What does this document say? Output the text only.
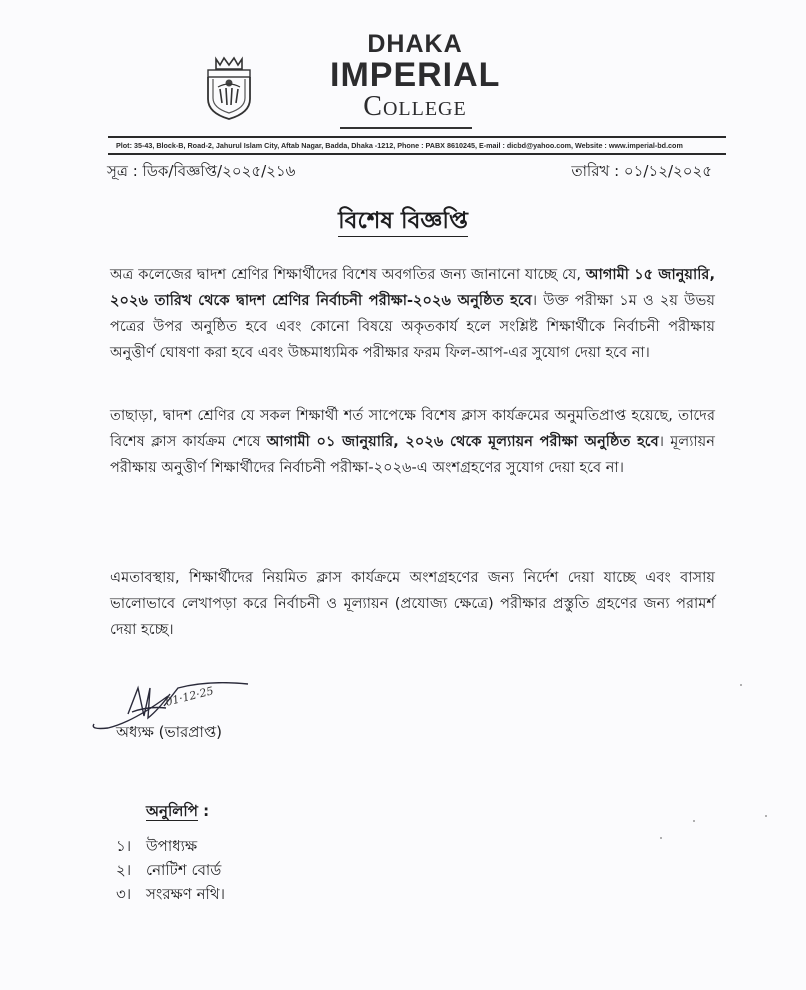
DHAKA
IMPERIAL
College
Plot: 35-43, Block-B, Road-2, Jahurul Islam City, Aftab Nagar, Badda, Dhaka -1212, Phone : PABX 8610245, E-mail : dicbd@yahoo.com, Website : www.imperial-bd.com
সূত্র : ডিক/বিজ্ঞপ্তি/২০২৫/২১৬	তারিখ : ০১/১২/২০২৫
বিশেষ বিজ্ঞপ্তি
অত্র কলেজের দ্বাদশ শ্রেণির শিক্ষার্থীদের বিশেষ অবগতির জন্য জানানো যাচ্ছে যে, আগামী ১৫ জানুয়ারি, ২০২৬ তারিখ থেকে দ্বাদশ শ্রেণির নির্বাচনী পরীক্ষা-২০২৬ অনুষ্ঠিত হবে। উক্ত পরীক্ষা ১ম ও ২য় উভয় পত্রের উপর অনুষ্ঠিত হবে এবং কোনো বিষয়ে অকৃতকার্য হলে সংশ্লিষ্ট শিক্ষার্থীকে নির্বাচনী পরীক্ষায় অনুত্তীর্ণ ঘোষণা করা হবে এবং উচ্চমাধ্যমিক পরীক্ষার ফরম ফিল-আপ-এর সুযোগ দেয়া হবে না।
তাছাড়া, দ্বাদশ শ্রেণির যে সকল শিক্ষার্থী শর্ত সাপেক্ষে বিশেষ ক্লাস কার্যক্রমের অনুমতিপ্রাপ্ত হয়েছে, তাদের বিশেষ ক্লাস কার্যক্রম শেষে আগামী ০১ জানুয়ারি, ২০২৬ থেকে মূল্যায়ন পরীক্ষা অনুষ্ঠিত হবে। মূল্যায়ন পরীক্ষায় অনুত্তীর্ণ শিক্ষার্থীদের নির্বাচনী পরীক্ষা-২০২৬-এ অংশগ্রহণের সুযোগ দেয়া হবে না।
এমতাবস্থায়, শিক্ষার্থীদের নিয়মিত ক্লাস কার্যক্রমে অংশগ্রহণের জন্য নির্দেশ দেয়া যাচ্ছে এবং বাসায় ভালোভাবে লেখাপড়া করে নির্বাচনী ও মূল্যায়ন (প্রযোজ্য ক্ষেত্রে) পরীক্ষার প্রস্তুতি গ্রহণের জন্য পরামর্শ দেয়া হচ্ছে।
01·12·25
অধ্যক্ষ (ভারপ্রাপ্ত)
অনুলিপি :
১। উপাধ্যক্ষ
২। নোটিশ বোর্ড
৩। সংরক্ষণ নথি।
